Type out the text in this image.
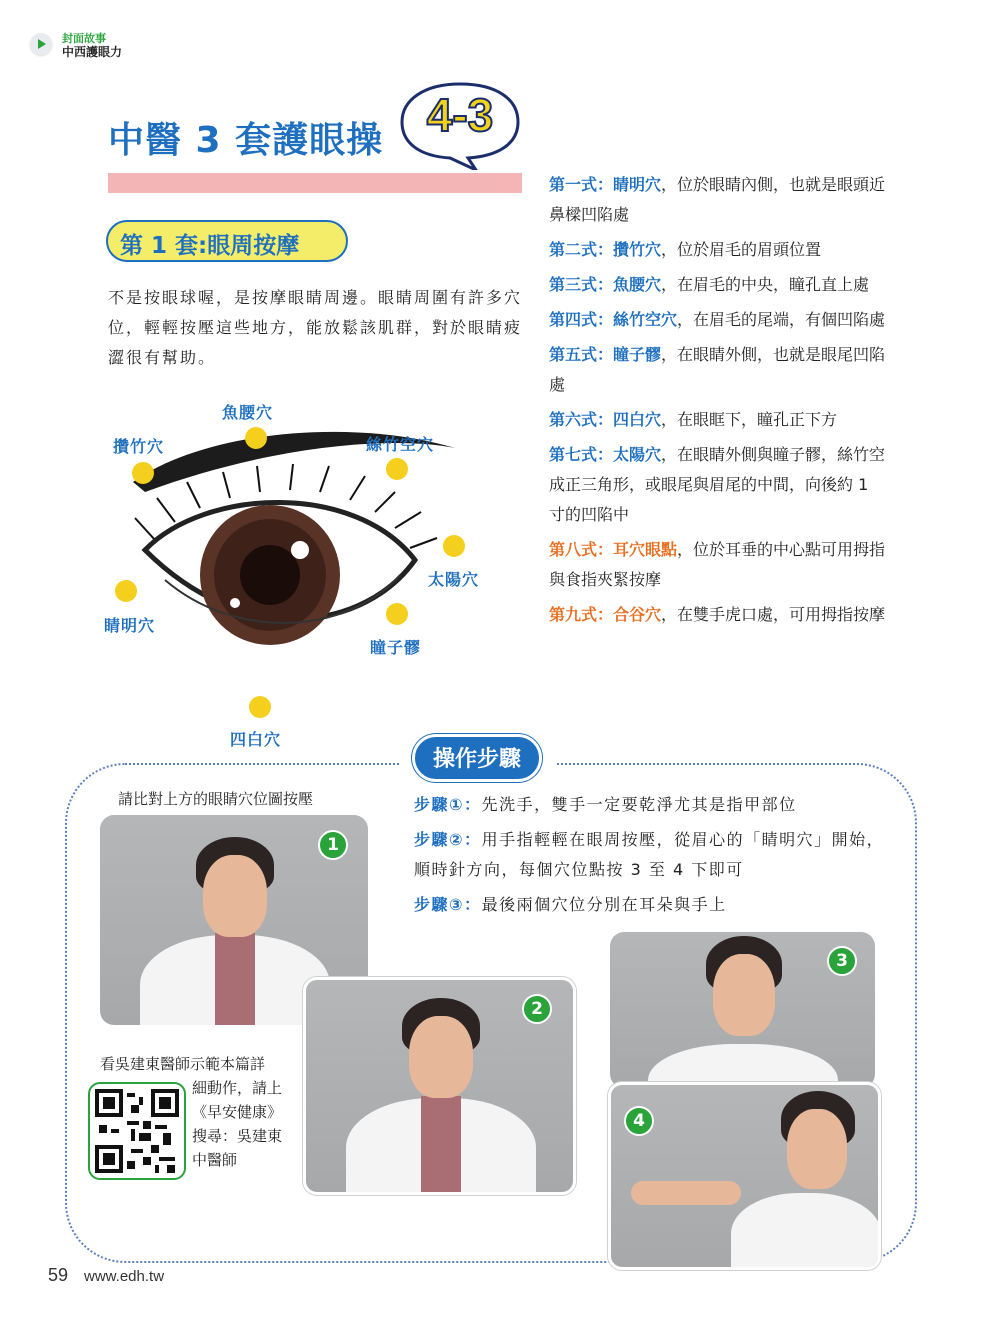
封面故事
中西護眼力
中醫 3 套護眼操 4-3
第 1 套:眼周按摩
不是按眼球喔，是按摩眼睛周邊。眼睛周圍有許多穴位，輕輕按壓這些地方，能放鬆該肌群，對於眼睛疲澀很有幫助。
魚腰穴
攢竹穴	絲竹空穴
太陽穴
睛明穴
瞳子髎
四白穴
第一式：睛明穴，位於眼睛內側，也就是眼頭近鼻樑凹陷處
第二式：攢竹穴，位於眉毛的眉頭位置
第三式：魚腰穴，在眉毛的中央，瞳孔直上處
第四式：絲竹空穴，在眉毛的尾端，有個凹陷處
第五式：瞳子髎，在眼睛外側，也就是眼尾凹陷處
第六式：四白穴，在眼眶下，瞳孔正下方
第七式：太陽穴，在眼睛外側與瞳子髎，絲竹空成正三角形，或眼尾與眉尾的中間，向後約 1 寸的凹陷中
第八式：耳穴眼點，位於耳垂的中心點可用拇指與食指夾緊按摩
第九式：合谷穴，在雙手虎口處，可用拇指按摩
操作步驟
請比對上方的眼睛穴位圖按壓	步驟①：先洗手，雙手一定要乾淨尤其是指甲部位
步驟②：用手指輕輕在眼周按壓，從眉心的「睛明穴」開始，順時針方向，每個穴位點按 3 至 4 下即可
步驟③：最後兩個穴位分別在耳朵與手上
1
2
3
4
看吳建東醫師示範本篇詳
細動作，請上
《早安健康》
搜尋：吳建東
中醫師
59 www.edh.tw
